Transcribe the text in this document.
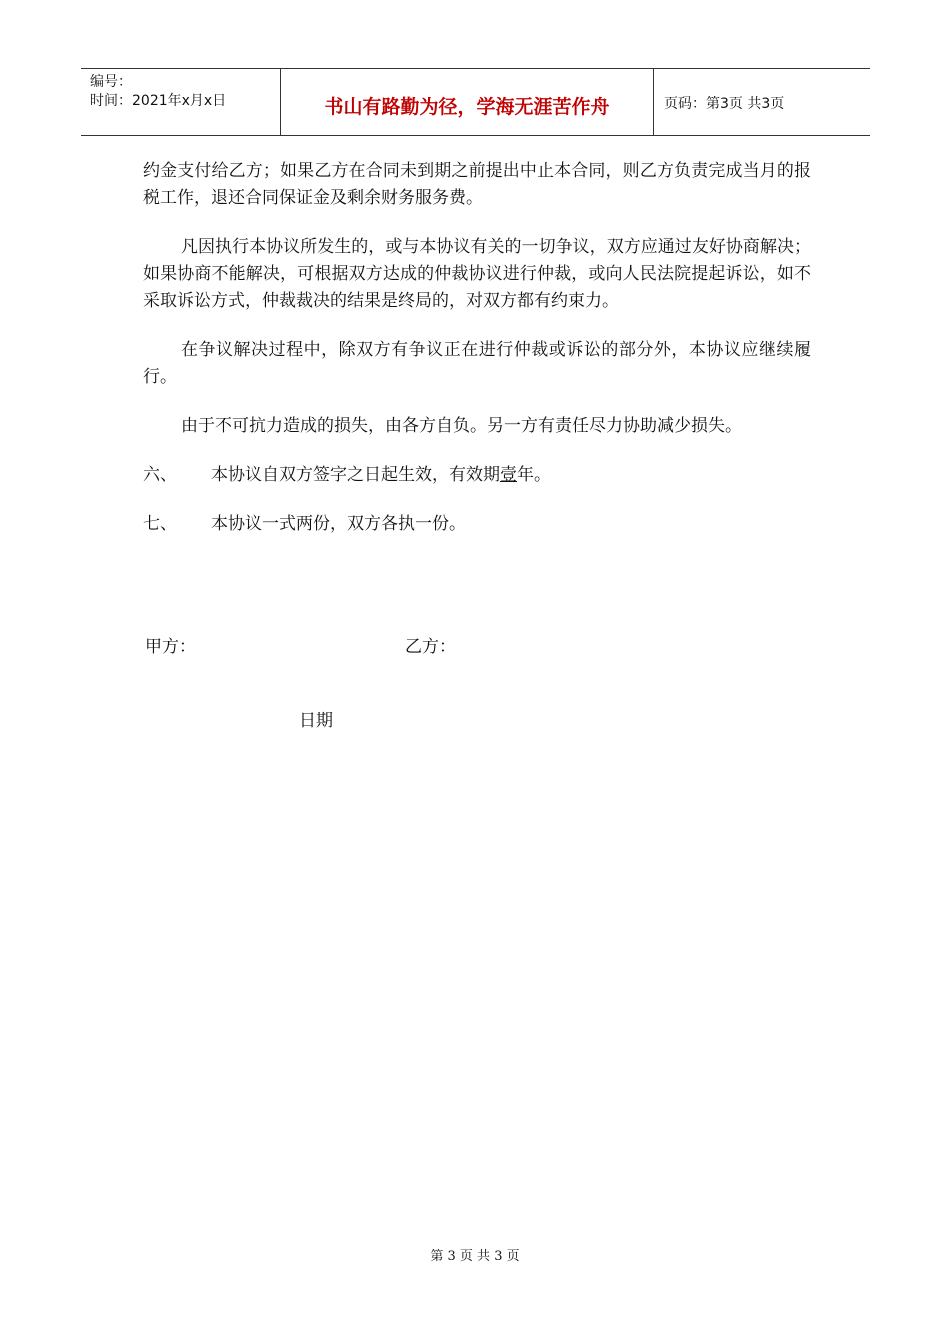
编号：
时间：2021年x月x日	书山有路勤为径，学海无涯苦作舟	页码：第3页 共3页

约金支付给乙方；如果乙方在合同未到期之前提出中止本合同，则乙方负责完成当月的报税工作，退还合同保证金及剩余财务服务费。

凡因执行本协议所发生的，或与本协议有关的一切争议，双方应通过友好协商解决；如果协商不能解决，可根据双方达成的仲裁协议进行仲裁，或向人民法院提起诉讼，如不采取诉讼方式，仲裁裁决的结果是终局的，对双方都有约束力。

在争议解决过程中，除双方有争议正在进行仲裁或诉讼的部分外，本协议应继续履行。

由于不可抗力造成的损失，由各方自负。另一方有责任尽力协助减少损失。

六、	本协议自双方签字之日起生效，有效期壹年。
七、	本协议一式两份，双方各执一份。
甲方：	乙方：
日期
第 3 页 共 3 页
